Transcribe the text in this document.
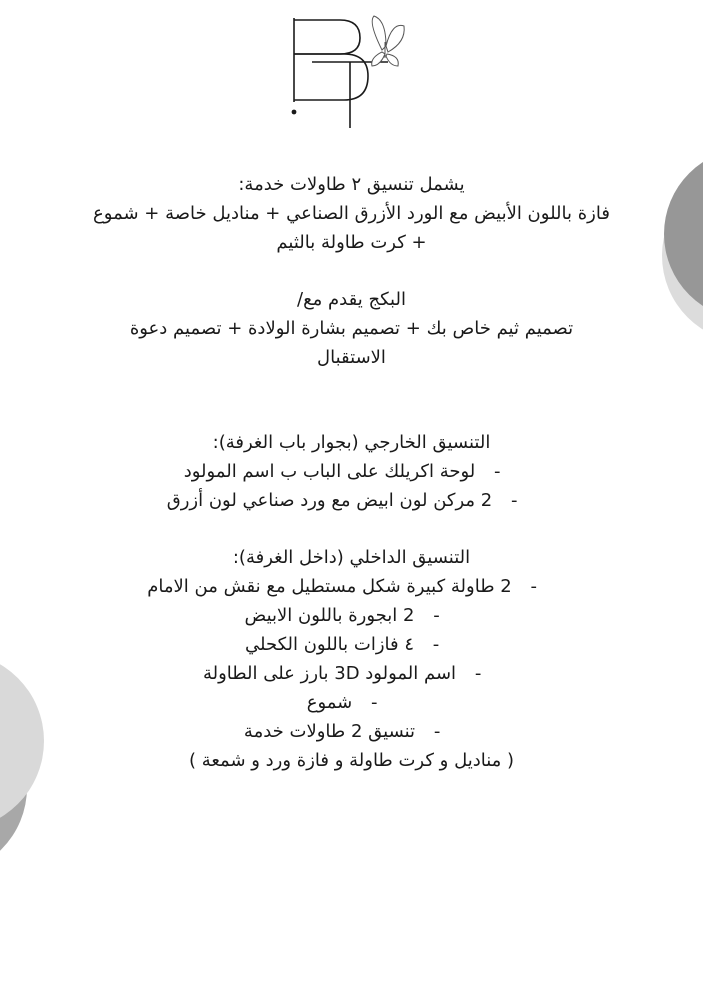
يشمل تنسيق ٢ طاولات خدمة:
فازة باللون الأبيض مع الورد الأزرق الصناعي + مناديل خاصة + شموع
+ كرت طاولة بالثيم
البكج يقدم مع/
تصميم ثيم خاص بك + تصميم بشارة الولادة + تصميم دعوة
الاستقبال
التنسيق الخارجي (بجوار باب الغرفة):
-لوحة اكريلك على الباب ب اسم المولود
-2 مركن لون ابيض مع ورد صناعي لون أزرق
التنسيق الداخلي (داخل الغرفة):
-2 طاولة كبيرة شكل مستطيل مع نقش من الامام
-2 ابجورة باللون الابيض
-٤ فازات باللون الكحلي
-اسم المولود 3D بارز على الطاولة
-شموع
-تنسيق 2 طاولات خدمة
( مناديل و كرت طاولة و فازة ورد و شمعة )
